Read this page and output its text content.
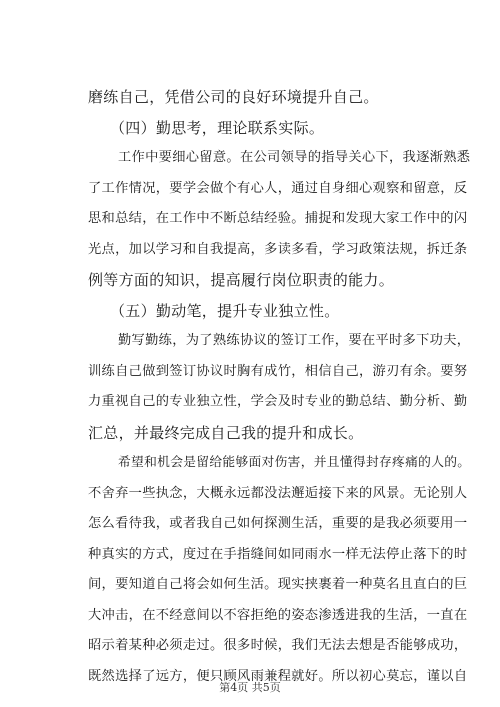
磨练自己，凭借公司的良好环境提升自己。
（四）勤思考，理论联系实际。
工作中要细心留意。在公司领导的指导关心下，我逐渐熟悉
了工作情况，要学会做个有心人，通过自身细心观察和留意，反
思和总结，在工作中不断总结经验。捕捉和发现大家工作中的闪
光点，加以学习和自我提高，多读多看，学习政策法规，拆迁条
例等方面的知识，提高履行岗位职责的能力。
（五）勤动笔，提升专业独立性。
勤写勤练，为了熟练协议的签订工作，要在平时多下功夫，
训练自己做到签订协议时胸有成竹，相信自己，游刃有余。要努
力重视自己的专业独立性，学会及时专业的勤总结、勤分析、勤
汇总，并最终完成自己我的提升和成长。
希望和机会是留给能够面对伤害，并且懂得封存疼痛的人的。
不舍弃一些执念，大概永远都没法邂逅接下来的风景。无论别人
怎么看待我，或者我自己如何探测生活，重要的是我必须要用一
种真实的方式，度过在手指缝间如同雨水一样无法停止落下的时
间，要知道自己将会如何生活。现实挟裹着一种莫名且直白的巨
大冲击，在不经意间以不容拒绝的姿态渗透进我的生活，一直在
昭示着某种必须走过。很多时候，我们无法去想是否能够成功，
既然选择了远方，便只顾风雨兼程就好。所以初心莫忘，谨以自
第4页 共5页
